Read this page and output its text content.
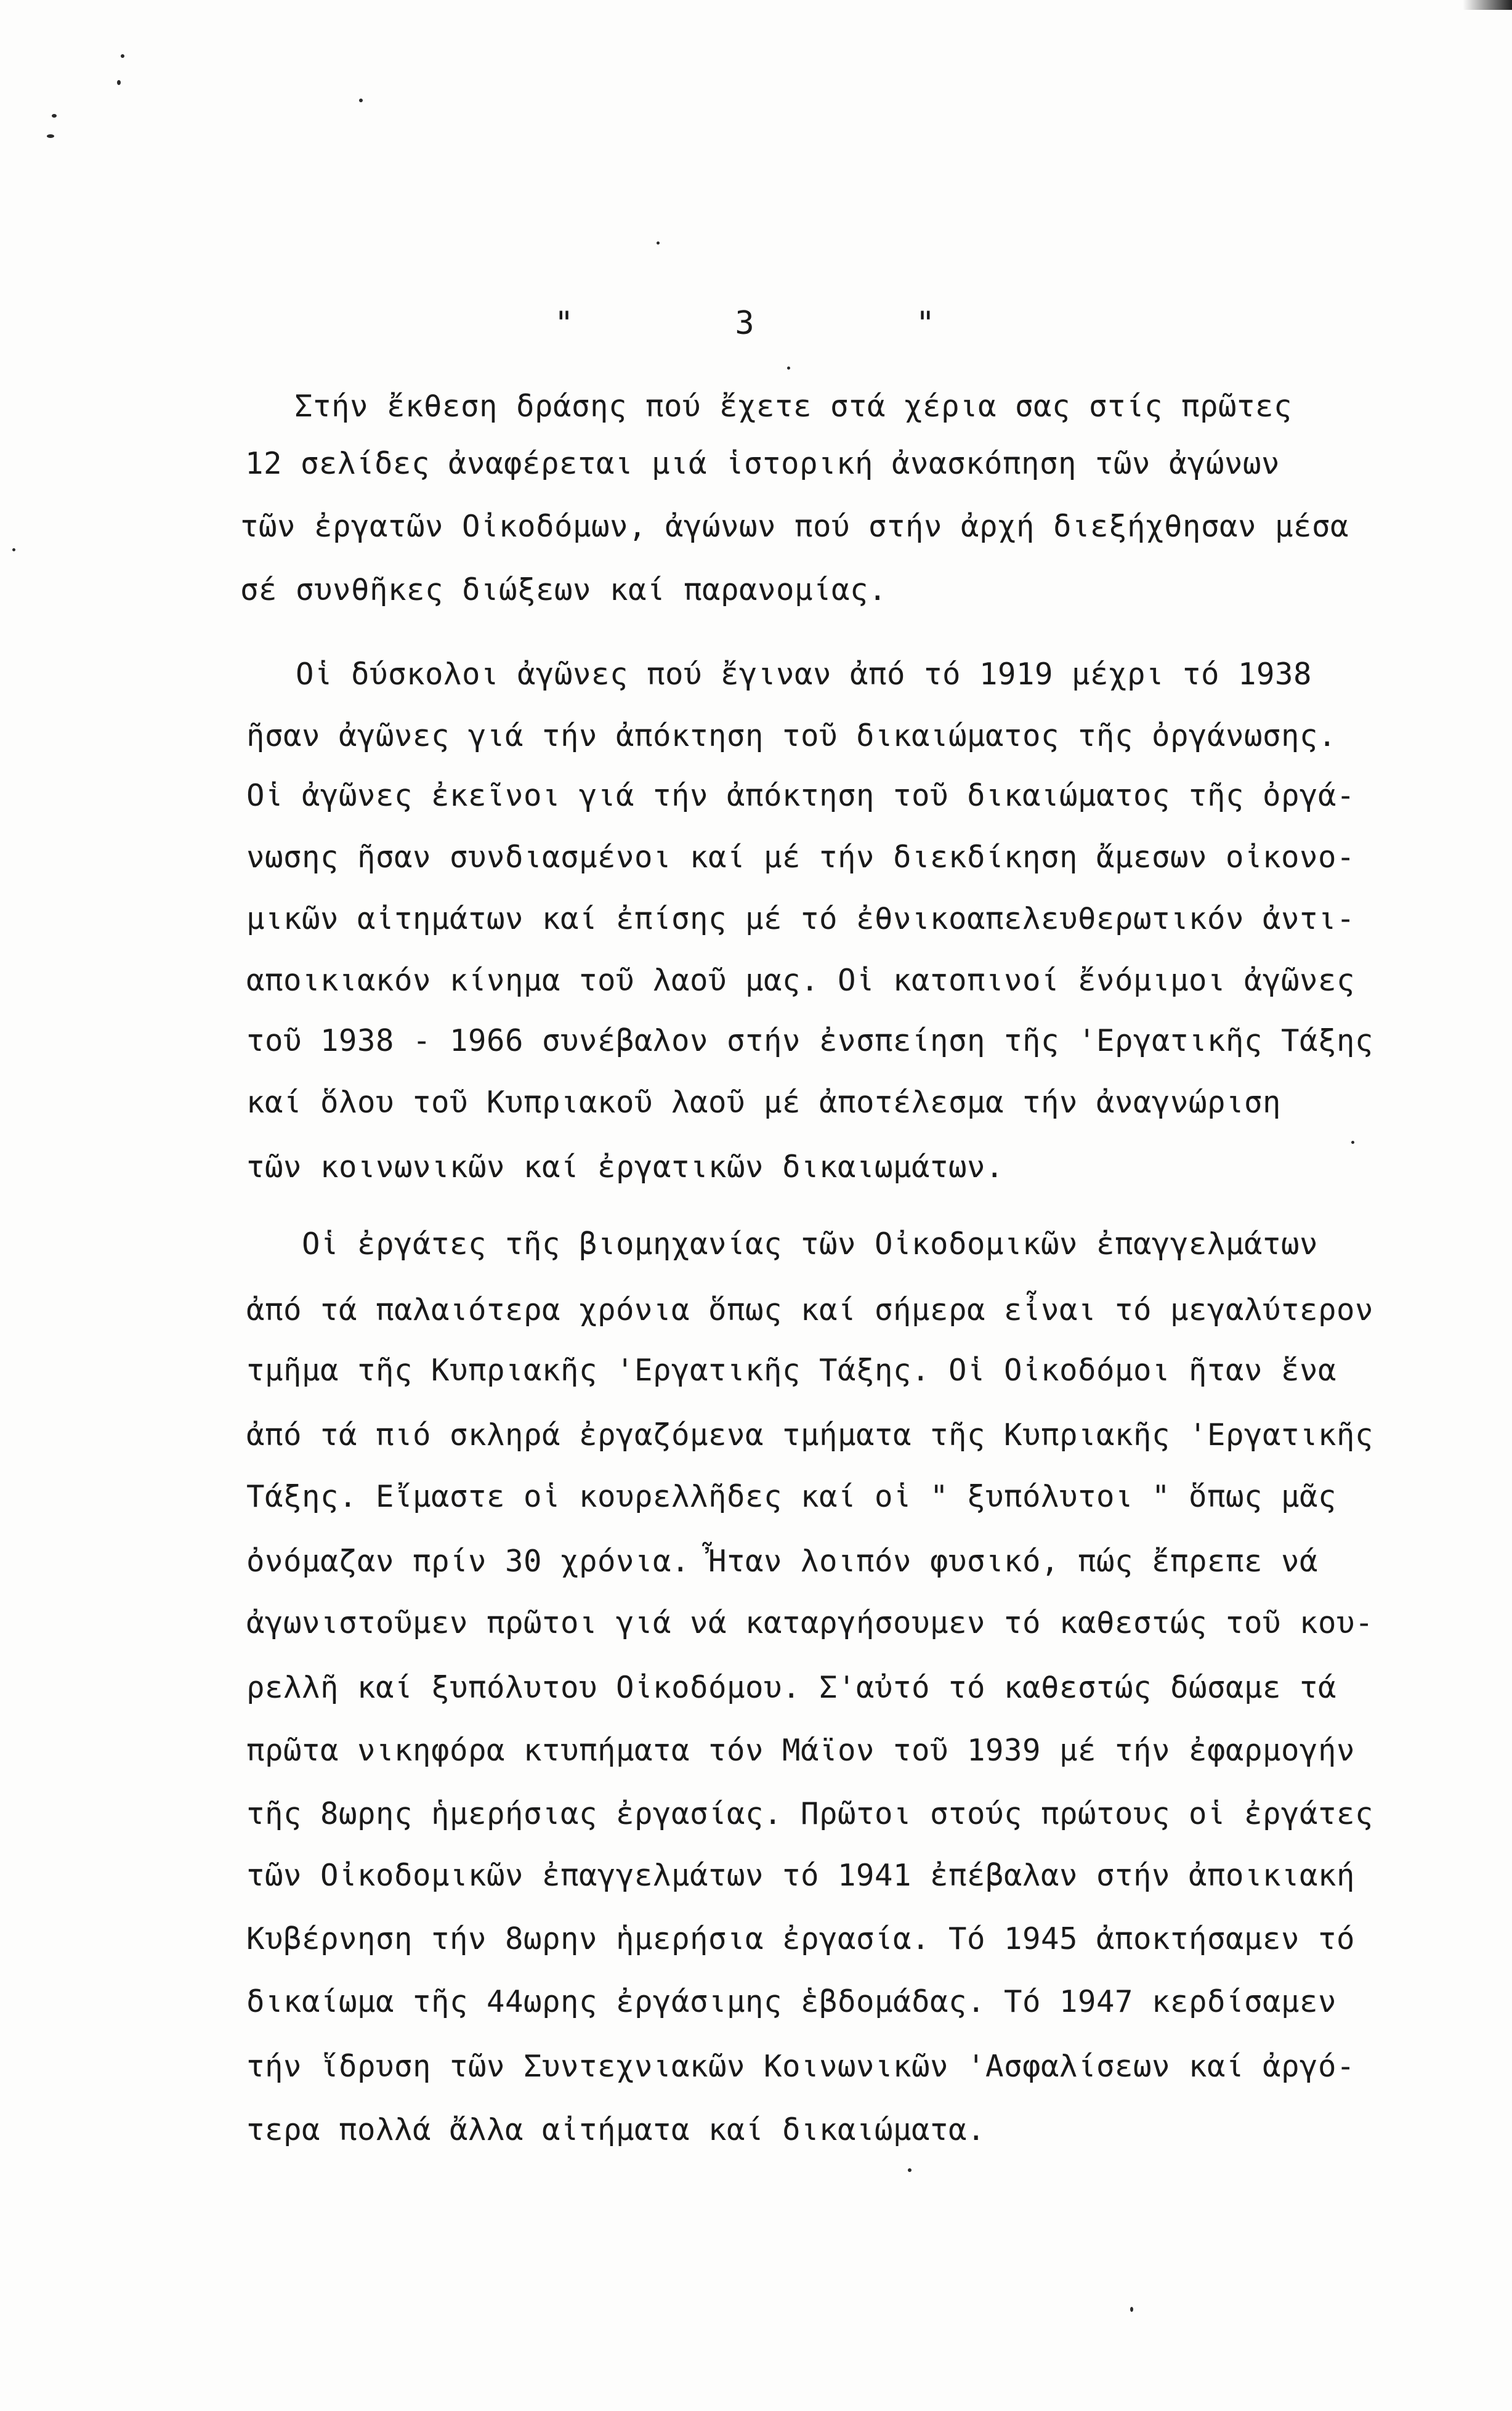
"	3	"
Στήν ἔκθεση δράσης πού ἔχετε στά χέρια σας στίς πρῶτες
12 σελίδες ἀναφέρεται μιά ἱστορική ἀνασκόπηση τῶν ἀγώνων
τῶν ἐργατῶν Οἰκοδόμων, ἀγώνων πού στήν ἀρχή διεξήχθησαν μέσα
σέ συνθῆκες διώξεων καί παρανομίας.
Οἱ δύσκολοι ἀγῶνες πού ἔγιναν ἀπό τό 1919 μέχρι τό 1938
ῆσαν ἀγῶνες γιά τήν ἀπόκτηση τοῦ δικαιώματος τῆς ὀργάνωσης.
Οἱ ἀγῶνες ἐκεῖνοι γιά τήν ἀπόκτηση τοῦ δικαιώματος τῆς ὀργά-
νωσης ῆσαν συνδιασμένοι καί μέ τήν διεκδίκηση ἄμεσων οἰκονο-
μικῶν αἰτημάτων καί ἐπίσης μέ τό ἐθνικοαπελευθερωτικόν ἀντι-
αποικιακόν κίνημα τοῦ λαοῦ μας. Οἱ κατοπινοί ἔνόμιμοι ἀγῶνες
τοῦ 1938 - 1966 συνέβαλον στήν ἐνσπείηση τῆς 'Εργατικῆς Τάξης
καί ὅλου τοῦ Κυπριακοῦ λαοῦ μέ ἀποτέλεσμα τήν ἀναγνώριση
τῶν κοινωνικῶν καί ἐργατικῶν δικαιωμάτων.
Οἱ ἐργάτες τῆς βιομηχανίας τῶν Οἰκοδομικῶν ἐπαγγελμάτων
ἀπό τά παλαιότερα χρόνια ὅπως καί σήμερα εἶναι τό μεγαλύτερον
τμῆμα τῆς Κυπριακῆς 'Εργατικῆς Τάξης. Οἱ Οἰκοδόμοι ῆταν ἕνα
ἀπό τά πιό σκληρά ἐργαζόμενα τμήματα τῆς Κυπριακῆς 'Εργατικῆς
Τάξης. Εἴμαστε οἱ κουρελλῆδες καί οἱ " ξυπόλυτοι " ὅπως μᾶς
ὀνόμαζαν πρίν 30 χρόνια. Ἦταν λοιπόν φυσικό, πώς ἔπρεπε νά
ἀγωνιστοῦμεν πρῶτοι γιά νά καταργήσουμεν τό καθεστώς τοῦ κου-
ρελλῆ καί ξυπόλυτου Οἰκοδόμου. Σ'αὐτό τό καθεστώς δώσαμε τά
πρῶτα νικηφόρα κτυπήματα τόν Μάϊον τοῦ 1939 μέ τήν ἐφαρμογήν
τῆς 8ωρης ἡμερήσιας ἐργασίας. Πρῶτοι στούς πρώτους οἱ ἐργάτες
τῶν Οἰκοδομικῶν ἐπαγγελμάτων τό 1941 ἐπέβαλαν στήν ἀποικιακή
Κυβέρνηση τήν 8ωρην ἡμερήσια ἐργασία. Τό 1945 ἀποκτήσαμεν τό
δικαίωμα τῆς 44ωρης ἐργάσιμης ἑβδομάδας. Τό 1947 κερδίσαμεν
τήν ἵδρυση τῶν Συντεχνιακῶν Κοινωνικῶν 'Ασφαλίσεων καί ἀργό-
τερα πολλά ἄλλα αἰτήματα καί δικαιώματα.
